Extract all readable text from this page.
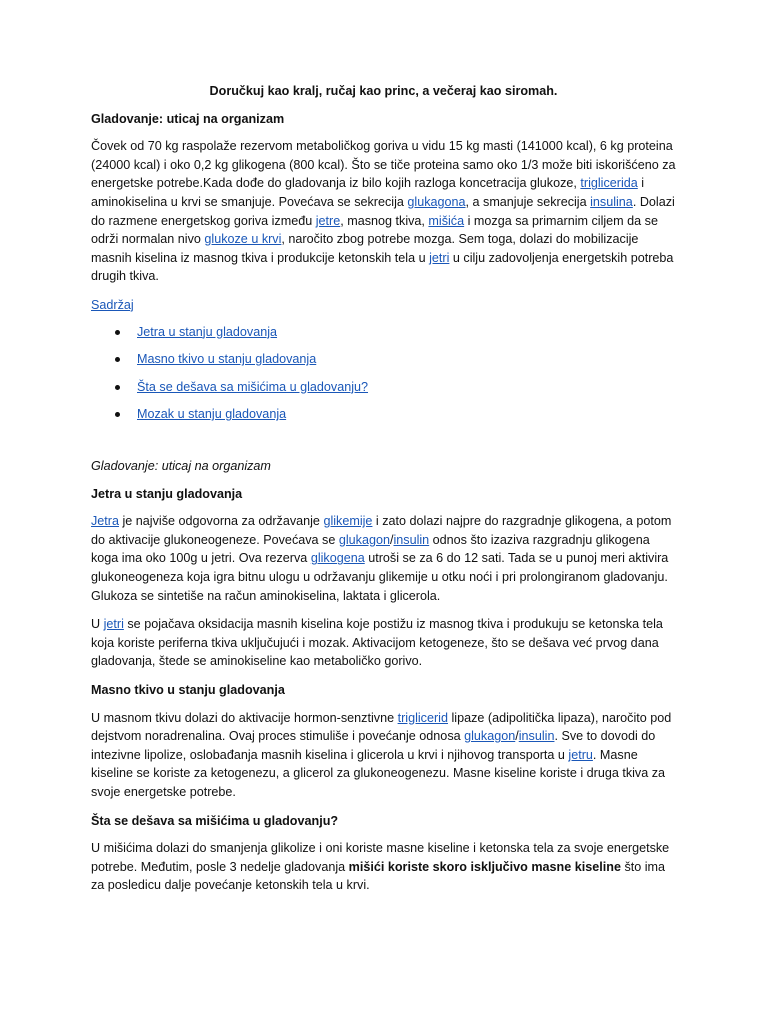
Doručkuj kao kralj, ručaj kao princ, a večeraj kao siromah.

Gladovanje: uticaj na organizam

Čovek od 70 kg raspolaže rezervom metaboličkog goriva u vidu 15 kg masti (141000 kcal), 6 kg proteina (24000 kcal) i oko 0,2 kg glikogena (800 kcal). Što se tiče proteina samo oko 1/3 može biti iskorišćeno za energetske potrebe.Kada dođe do gladovanja iz bilo kojih razloga koncetracija glukoze, triglicerida i aminokiselina u krvi se smanjuje. Povećava se sekrecija glukagona, a smanjuje sekrecija insulina. Dolazi do razmene energetskog goriva između jetre, masnog tkiva, mišića i mozga sa primarnim ciljem da se održi normalan nivo glukoze u krvi, naročito zbog potrebe mozga. Sem toga, dolazi do mobilizacije masnih kiselina iz masnog tkiva i produkcije ketonskih tela u jetri u cilju zadovoljenja energetskih potreba drugih tkiva.

Sadržaj

Jetra u stanju gladovanja
Masno tkivo u stanju gladovanja
Šta se dešava sa mišićima u gladovanju?
Mozak u stanju gladovanja

Gladovanje: uticaj na organizam

Jetra u stanju gladovanja

Jetra je najviše odgovorna za održavanje glikemije i zato dolazi najpre do razgradnje glikogena, a potom do aktivacije glukoneogeneze. Povećava se glukagon/insulin odnos što izaziva razgradnju glikogena koga ima oko 100g u jetri. Ova rezerva glikogena utroši se za 6 do 12 sati. Tada se u punoj meri aktivira glukoneogeneza koja igra bitnu ulogu u održavanju glikemije u otku noći i pri prolongiranom gladovanju. Glukoza se sintetiše na račun aminokiselina, laktata i glicerola.

U jetri se pojačava oksidacija masnih kiselina koje postižu iz masnog tkiva i produkuju se ketonska tela koja koriste periferna tkiva uključujući i mozak. Aktivacijom ketogeneze, što se dešava već prvog dana gladovanja, štede se aminokiseline kao metaboličko gorivo.

Masno tkivo u stanju gladovanja

U masnom tkivu dolazi do aktivacije hormon-senztivne triglicerid lipaze (adipolitička lipaza), naročito pod dejstvom noradrenalina. Ovaj proces stimuliše i povećanje odnosa glukagon/insulin. Sve to dovodi do intezivne lipolize, oslobađanja masnih kiselina i glicerola u krvi i njihovog transporta u jetru. Masne kiseline se koriste za ketogenezu, a glicerol za glukoneogenezu. Masne kiseline koriste i druga tkiva za svoje energetske potrebe.

Šta se dešava sa mišićima u gladovanju?

U mišićima dolazi do smanjenja glikolize i oni koriste masne kiseline i ketonska tela za svoje energetske potrebe. Međutim, posle 3 nedelje gladovanja mišići koriste skoro isključivo masne kiseline što ima za posledicu dalje povećanje ketonskih tela u krvi.
